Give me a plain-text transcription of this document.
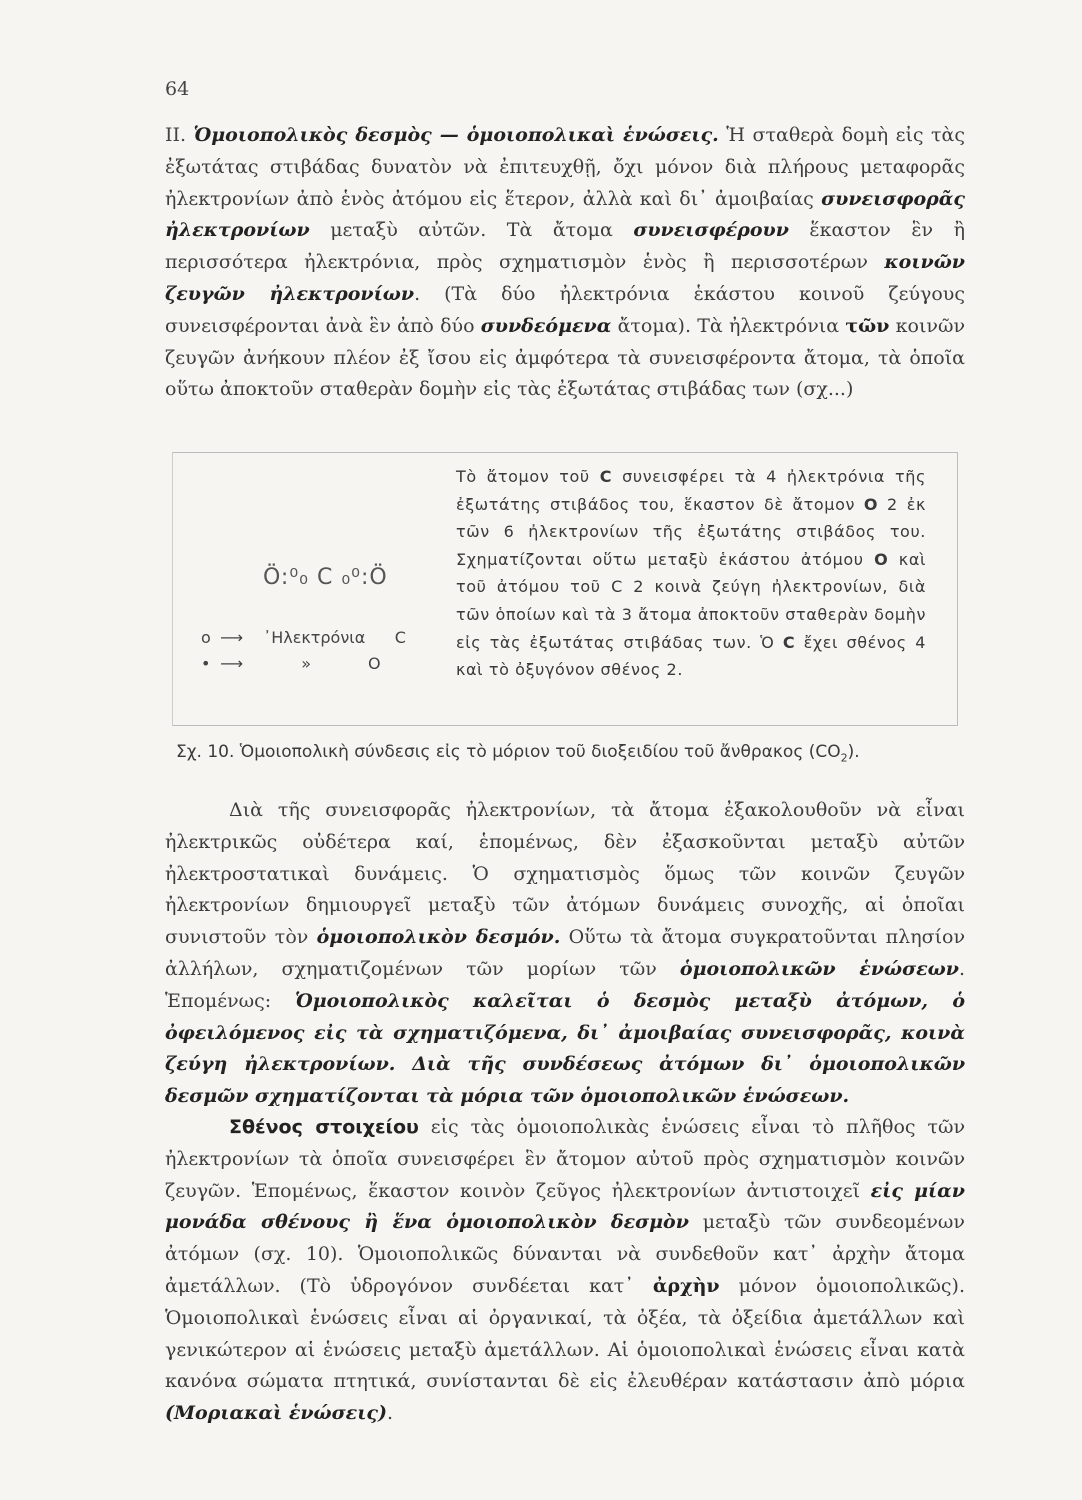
64
II. Ὁμοιοπολικὸς δεσμὸς — ὁμοιοπολικαὶ ἑνώσεις. Ἡ σταθερὰ δομὴ εἰς τὰς ἐξωτάτας στιβάδας δυνατὸν νὰ ἐπιτευχθῇ, ὄχι μόνον διὰ πλήρους μεταφορᾶς ἠλεκτρονίων ἀπὸ ἑνὸς ἀτόμου εἰς ἕτερον, ἀλλὰ καὶ δι᾽ ἀμοιβαίας συνεισφορᾶς ἠλεκτρονίων μεταξὺ αὐτῶν. Τὰ ἄτομα συνεισφέρουν ἕκαστον ἓν ἢ περισσότερα ἠλεκτρόνια, πρὸς σχηματισμὸν ἑνὸς ἢ περισσοτέρων κοινῶν ζευγῶν ἠλεκτρονίων. (Τὰ δύο ἠλεκτρόνια ἑκάστου κοινοῦ ζεύγους συνεισφέρονται ἀνὰ ἓν ἀπὸ δύο συνδεόμενα ἄτομα). Τὰ ἠλεκτρόνια τῶν κοινῶν ζευγῶν ἀνήκουν πλέον ἐξ ἴσου εἰς ἀμφότερα τὰ συνεισφέροντα ἄτομα, τὰ ὁποῖα οὕτω ἀποκτοῦν σταθερὰν δομὴν εἰς τὰς ἐξωτάτας στιβάδας των (σχ...)
Ö:⁰₀ C ₀⁰:Ö
o ⟶ ᾿Ηλεκτρόνια C
• ⟶	»	O
Τὸ ἄτομον τοῦ C συνεισφέρει τὰ 4 ἠλεκτρόνια τῆς ἐξωτάτης στιβάδος του, ἕκαστον δὲ ἄτομον O 2 ἐκ τῶν 6 ἠλεκτρονίων τῆς ἐξωτάτης στιβάδος του. Σχηματίζονται οὕτω μεταξὺ ἑκάστου ἀτόμου O καὶ τοῦ ἀτόμου τοῦ C 2 κοινὰ ζεύγη ἠλεκτρονίων, διὰ τῶν ὁποίων καὶ τὰ 3 ἄτομα ἀποκτοῦν σταθερὰν δομὴν εἰς τὰς ἐξωτάτας στιβάδας των. Ὁ C ἔχει σθένος 4 καὶ τὸ ὀξυγόνον σθένος 2.
Σχ. 10. Ὁμοιοπολικὴ σύνδεσις εἰς τὸ μόριον τοῦ διοξειδίου τοῦ ἄνθρακος $(CO_2)$.
Διὰ τῆς συνεισφορᾶς ἠλεκτρονίων, τὰ ἄτομα ἐξακολουθοῦν νὰ εἶναι ἠλεκτρικῶς οὐδέτερα καί, ἑπομένως, δὲν ἐξασκοῦνται μεταξὺ αὐτῶν ἠλεκτροστατικαὶ δυνάμεις. Ὁ σχηματισμὸς ὅμως τῶν κοινῶν ζευγῶν ἠλεκτρονίων δημιουργεῖ μεταξὺ τῶν ἀτόμων δυνάμεις συνοχῆς, αἱ ὁποῖαι συνιστοῦν τὸν ὁμοιοπολικὸν δεσμόν. Οὕτω τὰ ἄτομα συγκρατοῦνται πλησίον ἀλλήλων, σχηματιζομένων τῶν μορίων τῶν ὁμοιοπολικῶν ἑνώσεων. Ἑπομένως: Ὁμοιοπολικὸς καλεῖται ὁ δεσμὸς μεταξὺ ἀτόμων, ὁ ὀφειλόμενος εἰς τὰ σχηματιζόμενα, δι᾽ ἀμοιβαίας συνεισφορᾶς, κοινὰ ζεύγη ἠλεκτρονίων. Διὰ τῆς συνδέσεως ἀτόμων δι᾽ ὁμοιοπολικῶν δεσμῶν σχηματίζονται τὰ μόρια τῶν ὁμοιοπολικῶν ἑνώσεων.
Σθένος στοιχείου εἰς τὰς ὁμοιοπολικὰς ἑνώσεις εἶναι τὸ πλῆθος τῶν ἠλεκτρονίων τὰ ὁποῖα συνεισφέρει ἓν ἄτομον αὐτοῦ πρὸς σχηματισμὸν κοινῶν ζευγῶν. Ἑπομένως, ἕκαστον κοινὸν ζεῦγος ἠλεκτρονίων ἀντιστοιχεῖ εἰς μίαν μονάδα σθένους ἢ ἕνα ὁμοιοπολικὸν δεσμὸν μεταξὺ τῶν συνδεομένων ἀτόμων (σχ. 10). Ὁμοιοπολικῶς δύνανται νὰ συνδεθοῦν κατ᾽ ἀρχὴν ἄτομα ἀμετάλλων. (Τὸ ὑδρογόνον συνδέεται κατ᾽ ἀρχὴν μόνον ὁμοιοπολικῶς). Ὁμοιοπολικαὶ ἑνώσεις εἶναι αἱ ὀργανικαί, τὰ ὀξέα, τὰ ὀξείδια ἀμετάλλων καὶ γενικώτερον αἱ ἑνώσεις μεταξὺ ἀμετάλλων. Αἱ ὁμοιοπολικαὶ ἑνώσεις εἶναι κατὰ κανόνα σώματα πτητικά, συνίστανται δὲ εἰς ἐλευθέραν κατάστασιν ἀπὸ μόρια (Μοριακαὶ ἑνώσεις).
